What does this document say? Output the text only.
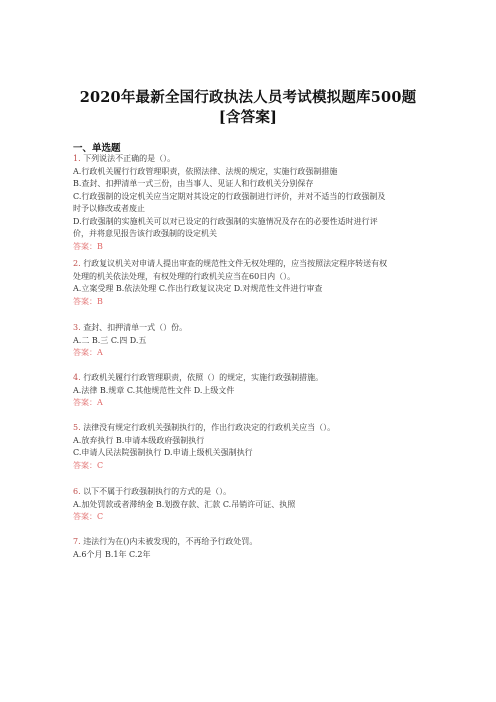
2020年最新全国行政执法人员考试模拟题库500题
[含答案]
一、单选题
1. 下列说法不正确的是（）。
A.行政机关履行行政管理职责，依照法律、法规的规定，实施行政强制措施
B.查封、扣押清单一式三份，由当事人、见证人和行政机关分别保存
C.行政强制的设定机关应当定期对其设定的行政强制进行评价，并对不适当的行政强制及
时予以修改或者废止
D.行政强制的实施机关可以对已设定的行政强制的实施情况及存在的必要性适时进行评
价，并将意见报告该行政强制的设定机关
答案：B
2. 行政复议机关对申请人提出审查的规范性文件无权处理的，应当按照法定程序转送有权
处理的机关依法处理，有权处理的行政机关应当在60日内（）。
A.立案受理 B.依法处理 C.作出行政复议决定 D.对规范性文件进行审查
答案：B
3. 查封、扣押清单一式（）份。
A.二 B.三 C.四 D.五
答案：A
4. 行政机关履行行政管理职责，依照（）的规定，实施行政强制措施。
A.法律 B.规章 C.其他规范性文件 D.上级文件
答案：A
5. 法律没有规定行政机关强制执行的，作出行政决定的行政机关应当（）。
A.放弃执行 B.申请本级政府强制执行
C.申请人民法院强制执行 D.申请上级机关强制执行
答案：C
6. 以下不属于行政强制执行的方式的是（）。
A.加处罚款或者滞纳金 B.划拨存款、汇款 C.吊销许可证、执照
答案：C
7. 违法行为在()内未被发现的，不再给予行政处罚。
A.6个月 B.1年 C.2年
